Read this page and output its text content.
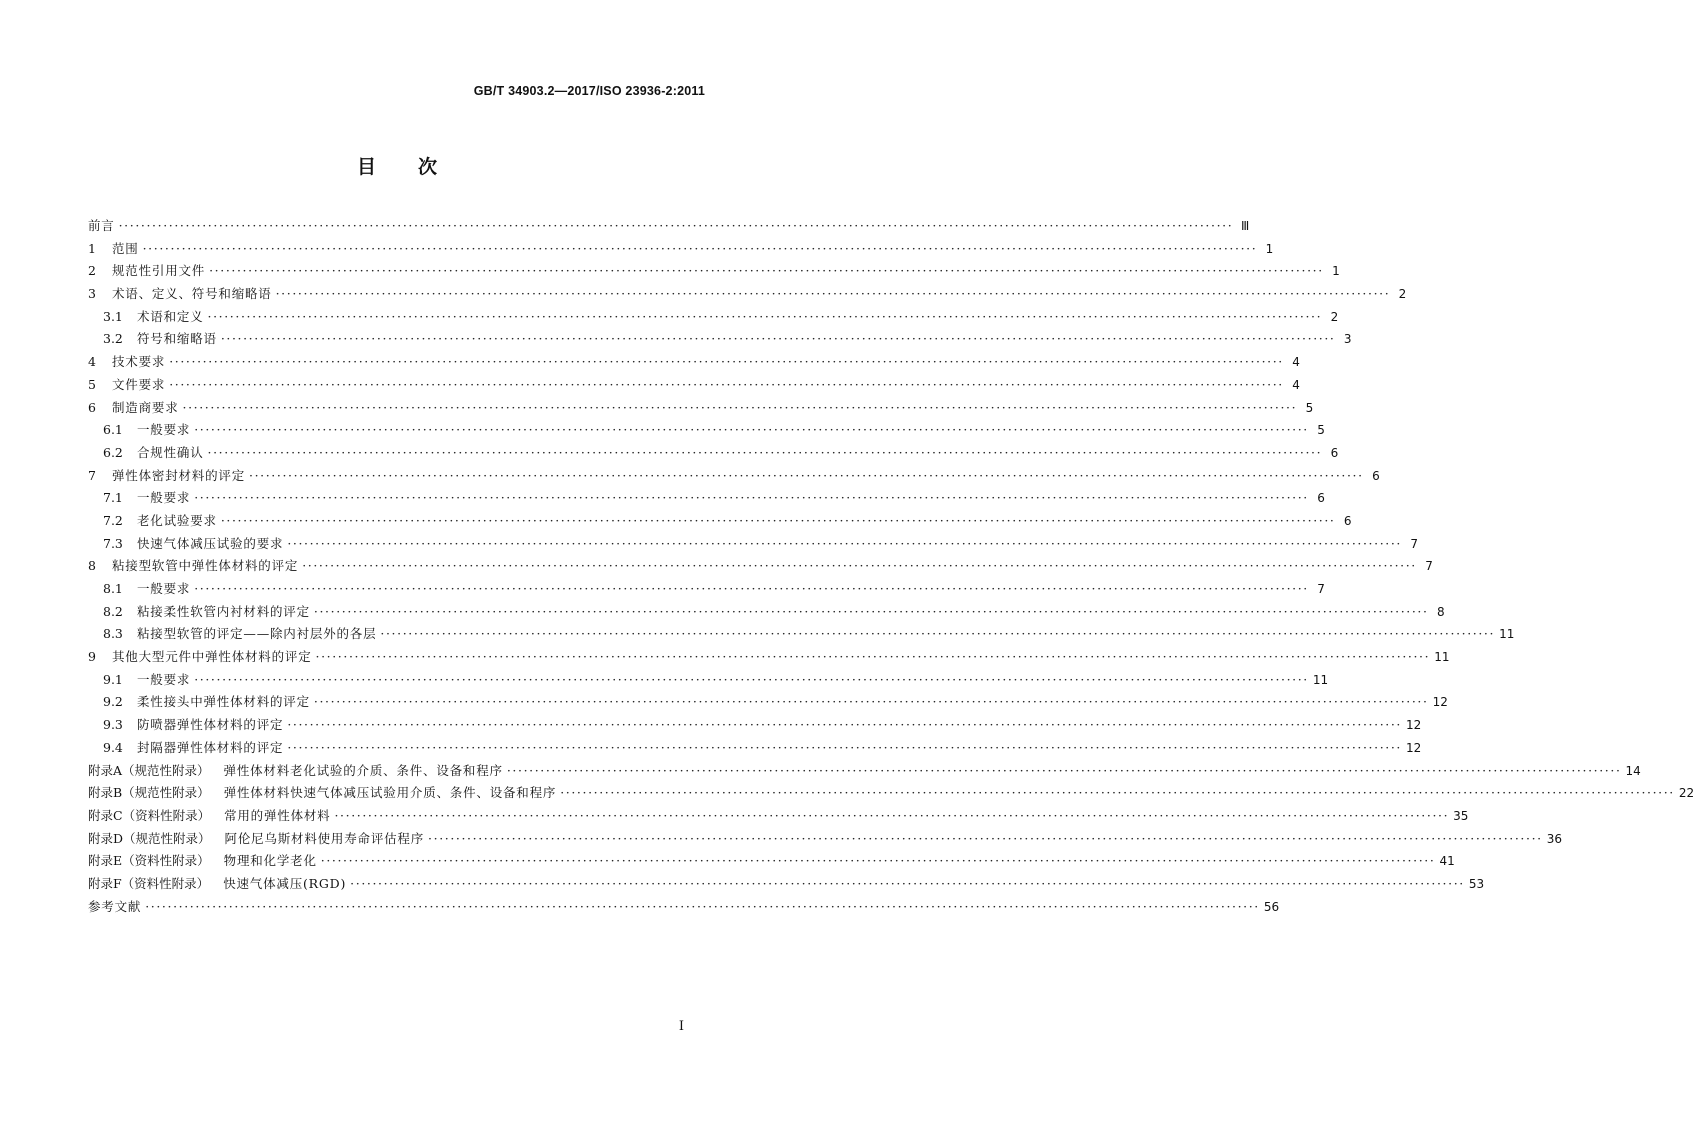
GB/T 34903.2—2017/ISO 23936-2:2011
目次
前言 ········································································································································································································ Ⅲ
1	范围 ········································································································································································································ 1
2	规范性引用文件 ········································································································································································································ 1
3	术语、定义、符号和缩略语 ········································································································································································································ 2
3.1	术语和定义 ········································································································································································································ 2
3.2	符号和缩略语 ········································································································································································································ 3
4	技术要求 ········································································································································································································ 4
5	文件要求 ········································································································································································································ 4
6	制造商要求 ········································································································································································································ 5
6.1	一般要求 ········································································································································································································ 5
6.2	合规性确认 ········································································································································································································ 6
7	弹性体密封材料的评定 ········································································································································································································ 6
7.1	一般要求 ········································································································································································································ 6
7.2	老化试验要求 ········································································································································································································ 6
7.3	快速气体减压试验的要求 ········································································································································································································ 7
8	粘接型软管中弹性体材料的评定 ········································································································································································································ 7
8.1	一般要求 ········································································································································································································ 7
8.2	粘接柔性软管内衬材料的评定 ········································································································································································································ 8
8.3	粘接型软管的评定——除内衬层外的各层 ········································································································································································································ 11
9	其他大型元件中弹性体材料的评定 ········································································································································································································ 11
9.1	一般要求 ········································································································································································································ 11
9.2	柔性接头中弹性体材料的评定 ········································································································································································································ 12
9.3	防喷器弹性体材料的评定 ········································································································································································································ 12
9.4	封隔器弹性体材料的评定 ········································································································································································································ 12
附录A（规范性附录） 弹性体材料老化试验的介质、条件、设备和程序 ········································································································································································································ 14
附录B（规范性附录） 弹性体材料快速气体减压试验用介质、条件、设备和程序 ········································································································································································································ 22
附录C（资料性附录） 常用的弹性体材料 ········································································································································································································ 35
附录D（规范性附录） 阿伦尼乌斯材料使用寿命评估程序 ········································································································································································································ 36
附录E（资料性附录） 物理和化学老化 ········································································································································································································ 41
附录F（资料性附录） 快速气体减压(RGD) ········································································································································································································ 53
参考文献 ········································································································································································································ 56
I
